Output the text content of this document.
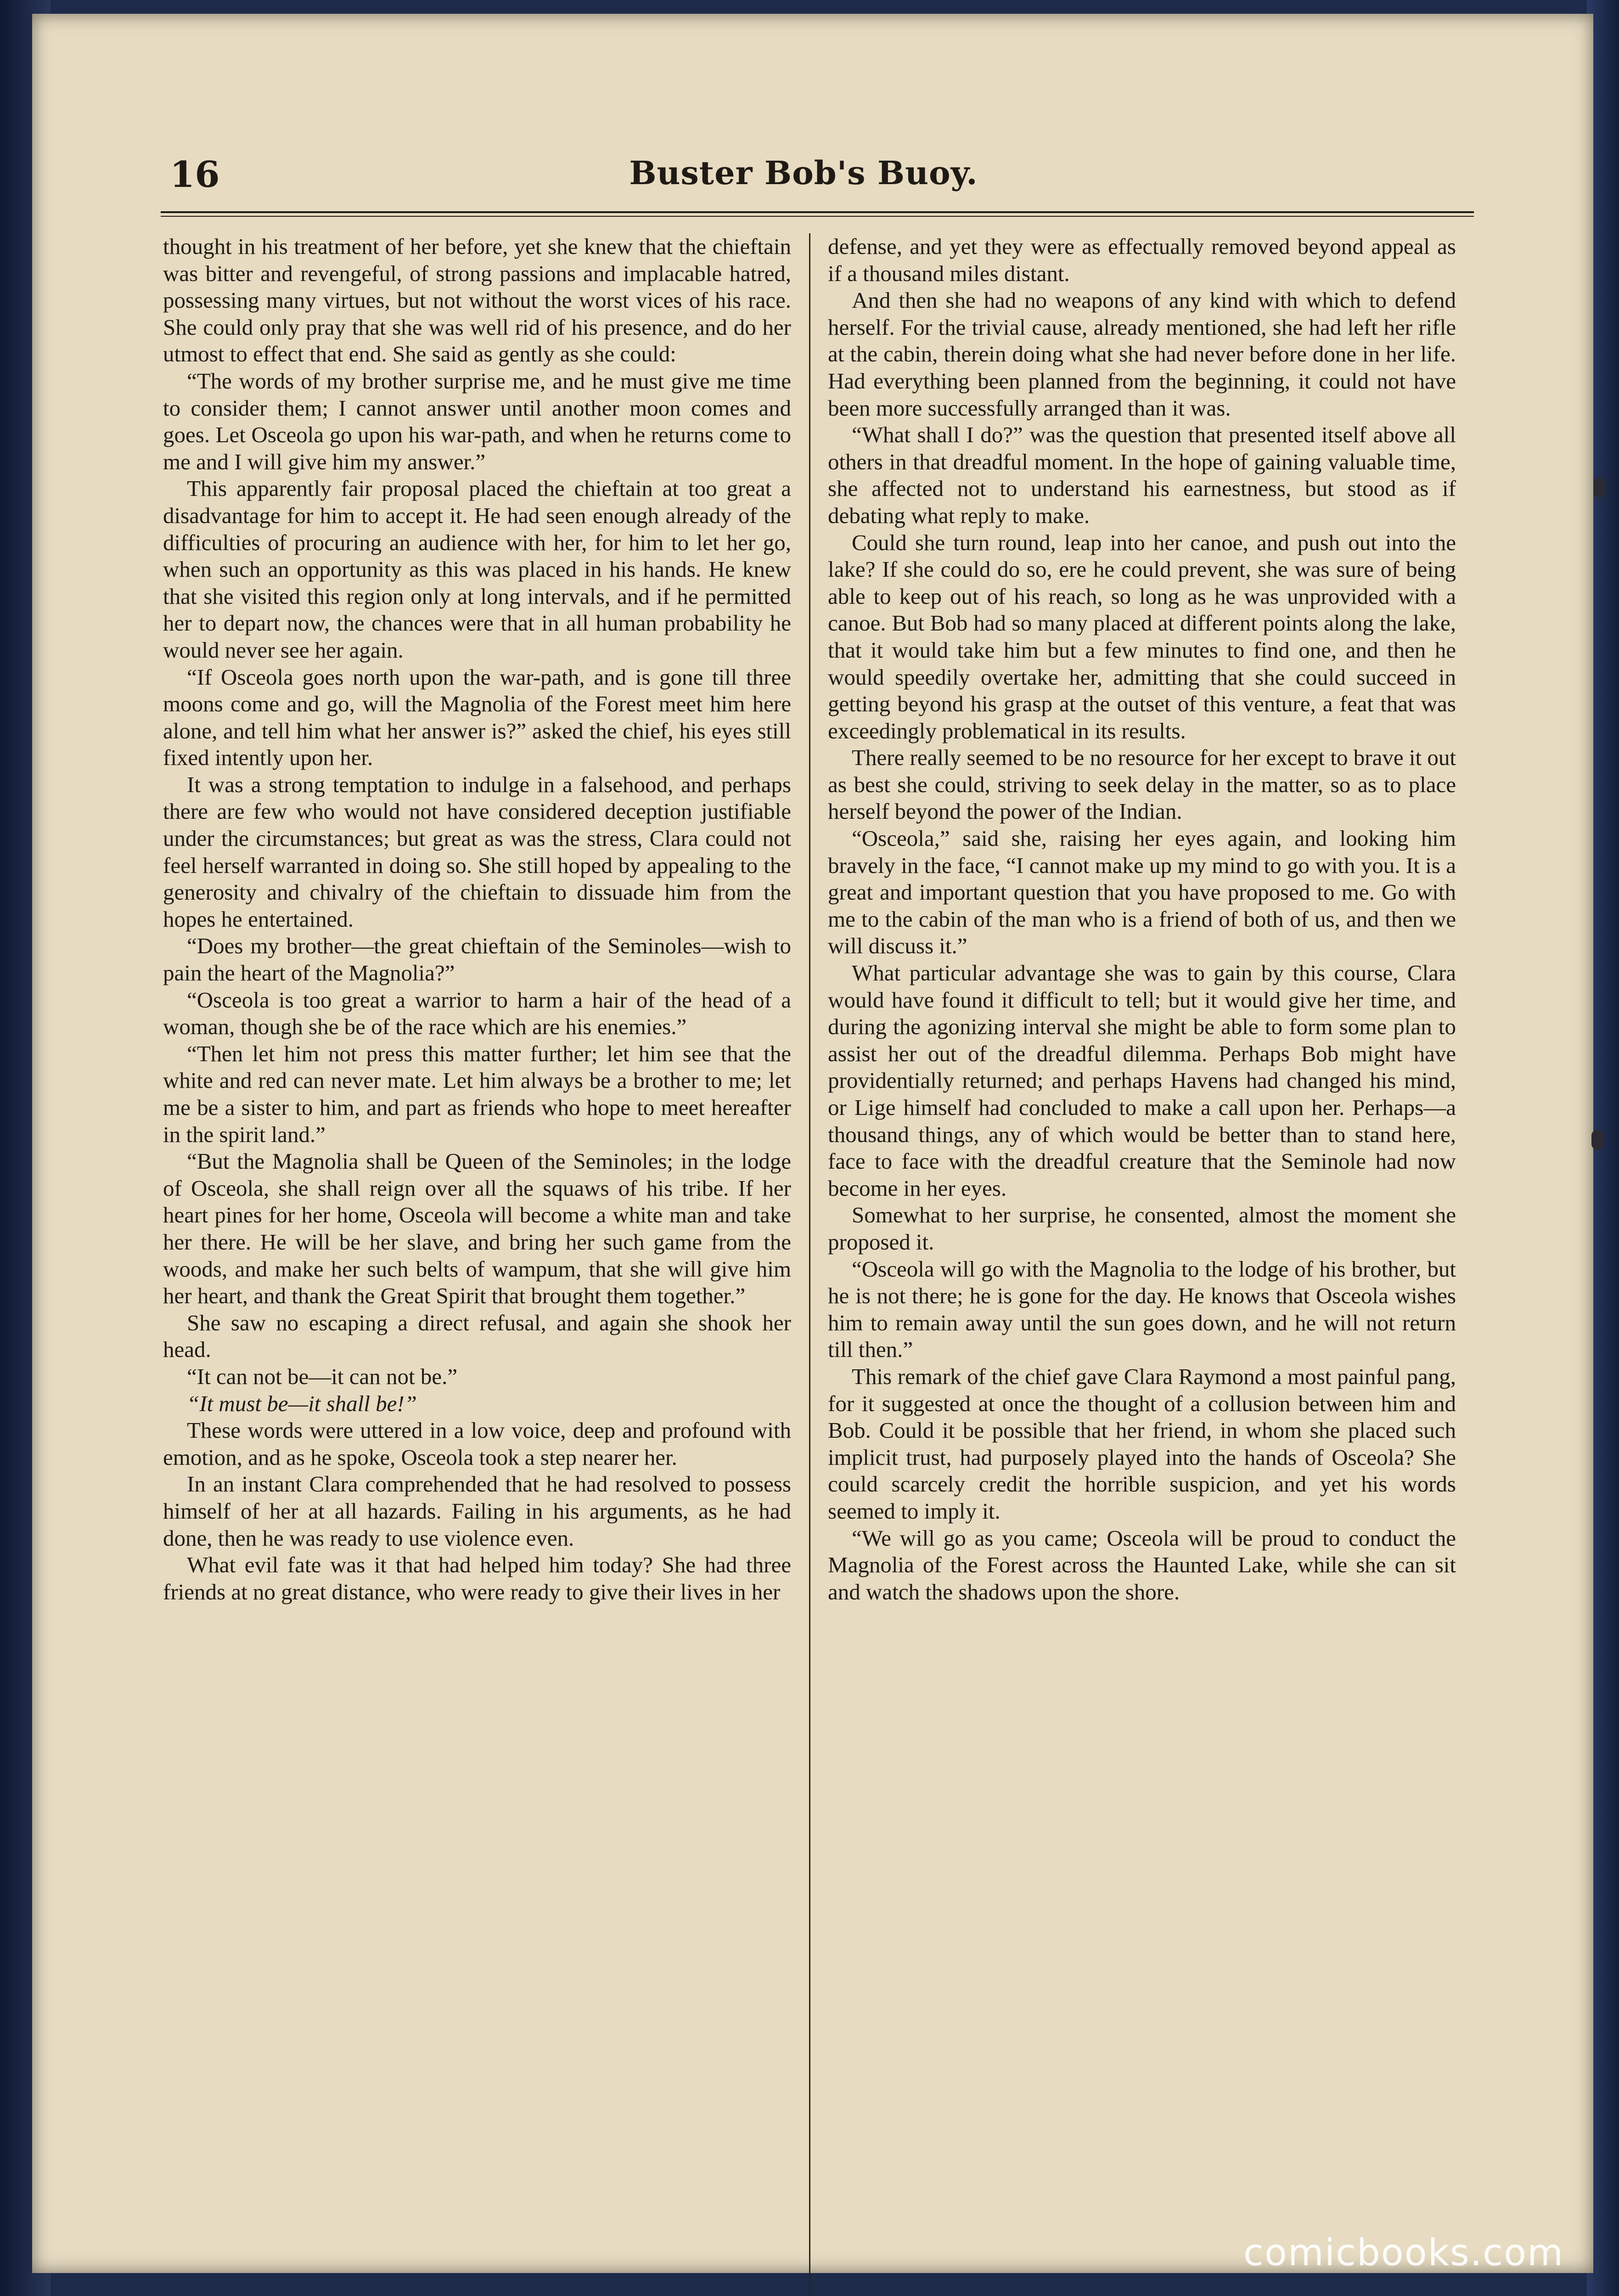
16	Buster Bob's Buoy.

thought in his treatment of her before, yet she knew that the chieftain was bitter and revengeful, of strong passions and implacable hatred, possessing many virtues, but not without the worst vices of his race. She could only pray that she was well rid of his presence, and do her utmost to effect that end. She said as gently as she could:

“The words of my brother surprise me, and he must give me time to consider them; I cannot answer until another moon comes and goes. Let Osceola go upon his war-path, and when he returns come to me and I will give him my answer.”

This apparently fair proposal placed the chieftain at too great a disadvantage for him to accept it. He had seen enough already of the difficulties of procuring an audience with her, for him to let her go, when such an opportunity as this was placed in his hands. He knew that she visited this region only at long intervals, and if he permitted her to depart now, the chances were that in all human probability he would never see her again.

“If Osceola goes north upon the war-path, and is gone till three moons come and go, will the Magnolia of the Forest meet him here alone, and tell him what her answer is?” asked the chief, his eyes still fixed intently upon her.

It was a strong temptation to indulge in a falsehood, and perhaps there are few who would not have considered deception justifiable under the circumstances; but great as was the stress, Clara could not feel herself warranted in doing so. She still hoped by appealing to the generosity and chivalry of the chieftain to dissuade him from the hopes he entertained.

“Does my brother—the great chieftain of the Seminoles—wish to pain the heart of the Magnolia?”

“Osceola is too great a warrior to harm a hair of the head of a woman, though she be of the race which are his enemies.”

“Then let him not press this matter further; let him see that the white and red can never mate. Let him always be a brother to me; let me be a sister to him, and part as friends who hope to meet hereafter in the spirit land.”

“But the Magnolia shall be Queen of the Seminoles; in the lodge of Osceola, she shall reign over all the squaws of his tribe. If her heart pines for her home, Osceola will become a white man and take her there. He will be her slave, and bring her such game from the woods, and make her such belts of wampum, that she will give him her heart, and thank the Great Spirit that brought them together.”

She saw no escaping a direct refusal, and again she shook her head.

“It can not be—it can not be.”

“It must be—it shall be!”

These words were uttered in a low voice, deep and profound with emotion, and as he spoke, Osceola took a step nearer her.

In an instant Clara comprehended that he had resolved to possess himself of her at all hazards. Failing in his arguments, as he had done, then he was ready to use violence even.

What evil fate was it that had helped him today? She had three friends at no great distance, who were ready to give their lives in her

defense, and yet they were as effectually removed beyond appeal as if a thousand miles distant.

And then she had no weapons of any kind with which to defend herself. For the trivial cause, already mentioned, she had left her rifle at the cabin, therein doing what she had never before done in her life. Had everything been planned from the beginning, it could not have been more successfully arranged than it was.

“What shall I do?” was the question that presented itself above all others in that dreadful moment. In the hope of gaining valuable time, she affected not to understand his earnestness, but stood as if debating what reply to make.

Could she turn round, leap into her canoe, and push out into the lake? If she could do so, ere he could prevent, she was sure of being able to keep out of his reach, so long as he was unprovided with a canoe. But Bob had so many placed at different points along the lake, that it would take him but a few minutes to find one, and then he would speedily overtake her, admitting that she could succeed in getting beyond his grasp at the outset of this venture, a feat that was exceedingly problematical in its results.

There really seemed to be no resource for her except to brave it out as best she could, striving to seek delay in the matter, so as to place herself beyond the power of the Indian.

“Osceola,” said she, raising her eyes again, and looking him bravely in the face, “I cannot make up my mind to go with you. It is a great and important question that you have proposed to me. Go with me to the cabin of the man who is a friend of both of us, and then we will discuss it.”

What particular advantage she was to gain by this course, Clara would have found it difficult to tell; but it would give her time, and during the agonizing interval she might be able to form some plan to assist her out of the dreadful dilemma. Perhaps Bob might have providentially returned; and perhaps Havens had changed his mind, or Lige himself had concluded to make a call upon her. Perhaps—a thousand things, any of which would be better than to stand here, face to face with the dreadful creature that the Seminole had now become in her eyes.

Somewhat to her surprise, he consented, almost the moment she proposed it.

“Osceola will go with the Magnolia to the lodge of his brother, but he is not there; he is gone for the day. He knows that Osceola wishes him to remain away until the sun goes down, and he will not return till then.”

This remark of the chief gave Clara Raymond a most painful pang, for it suggested at once the thought of a collusion between him and Bob. Could it be possible that her friend, in whom she placed such implicit trust, had purposely played into the hands of Osceola? She could scarcely credit the horrible suspicion, and yet his words seemed to imply it.

“We will go as you came; Osceola will be proud to conduct the Magnolia of the Forest across the Haunted Lake, while she can sit and watch the shadows upon the shore.

comicbooks.com
